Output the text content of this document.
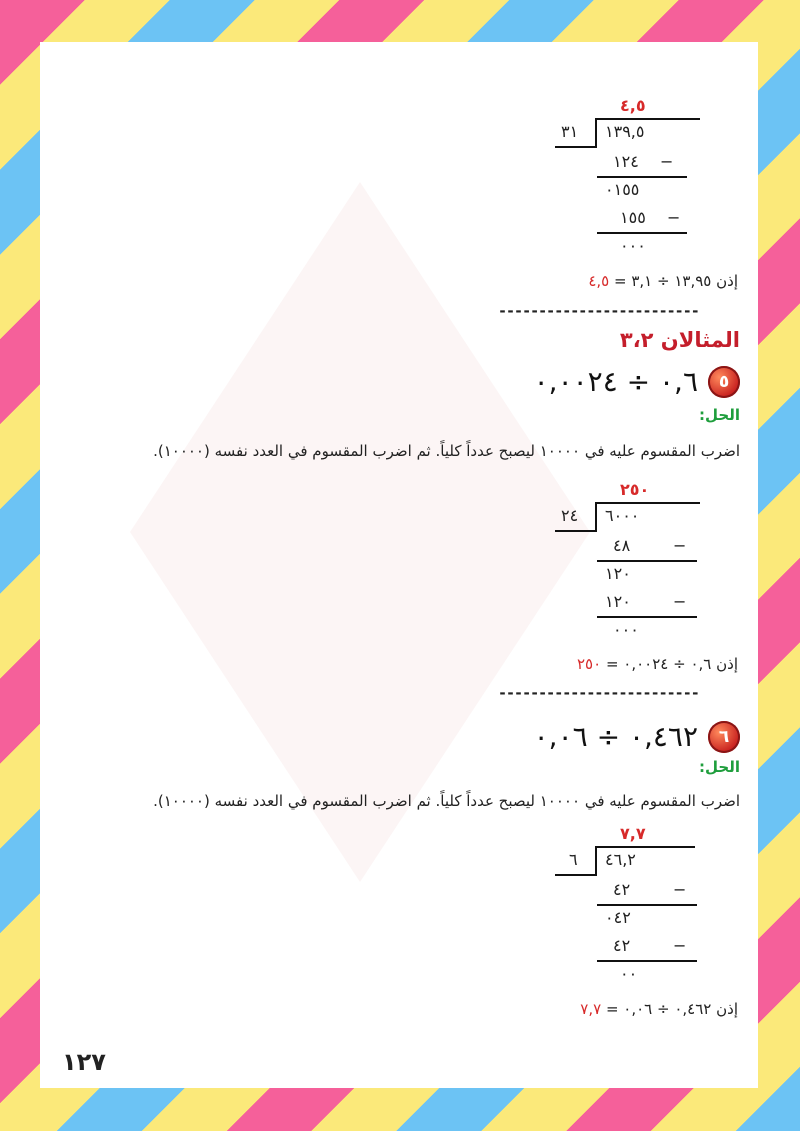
٤,٥
٣١ ١٣٩,٥
١٢٤ −
٠١٥٥
١٥٥ −
٠٠٠
إذن ١٣,٩٥ ÷ ٣,١ = ٤,٥
-------------------------
المثالان ٣،٢
٥
٠,٦ ÷ ٠,٠٠٢٤
الحل:
اضرب المقسوم عليه في ١٠٠٠٠ ليصبح عدداً كلياً. ثم اضرب المقسوم في العدد نفسه (١٠٠٠٠).
٢٥٠
٢٤ ٦٠٠٠
٤٨	−
١٢٠
١٢٠	−
٠٠٠
إذن ٠,٦ ÷ ٠,٠٠٢٤ = ٢٥٠
-------------------------
٦
٠,٤٦٢ ÷ ٠,٠٦
الحل:
اضرب المقسوم عليه في ١٠٠٠٠ ليصبح عدداً كلياً. ثم اضرب المقسوم في العدد نفسه (١٠٠٠٠).
٧,٧
٦ ٤٦,٢
٤٢	−
٠٤٢
٤٢	−
٠٠
إذن ٠,٤٦٢ ÷ ٠,٠٦ = ٧,٧
١٢٧
